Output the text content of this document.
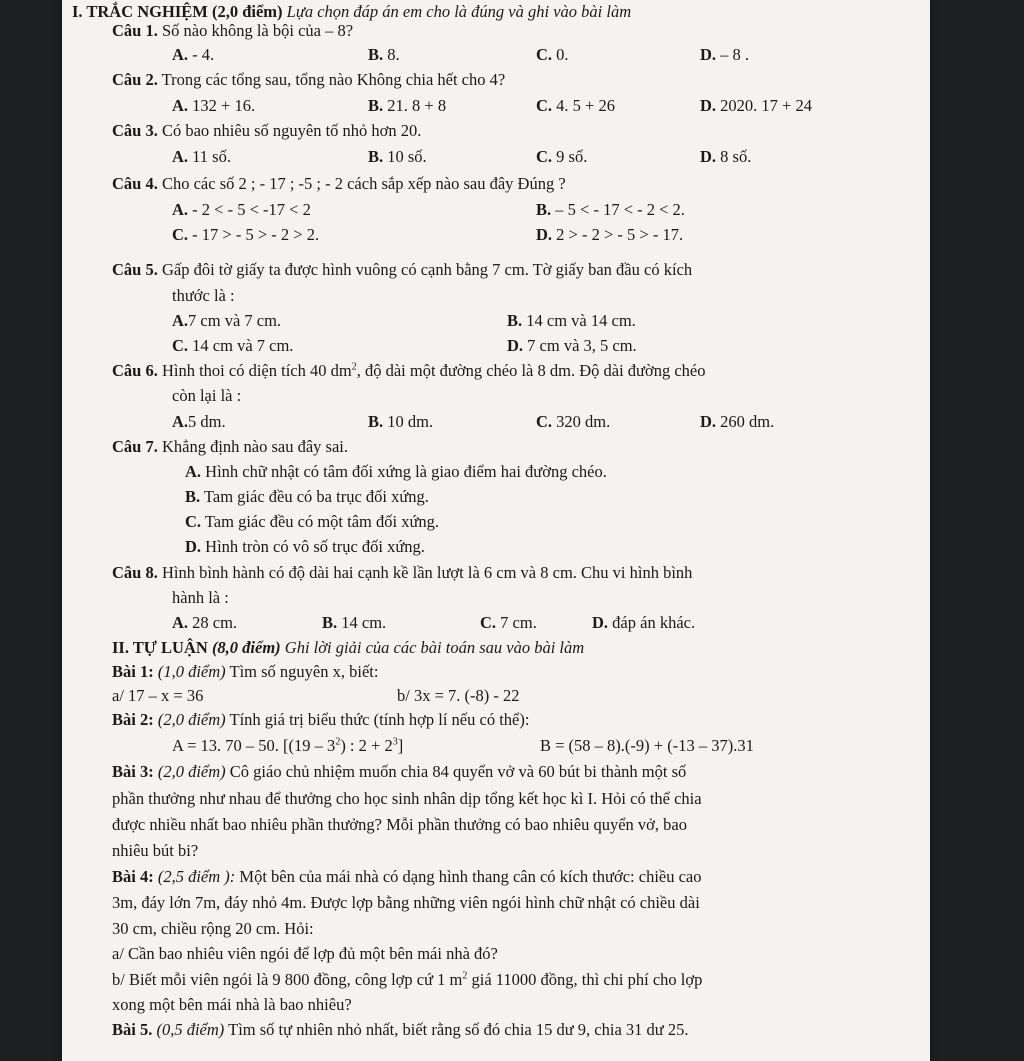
I. TRẮC NGHIỆM (2,0 điểm) Lựa chọn đáp án em cho là đúng và ghi vào bài làm
Câu 1. Số nào không là bội của – 8?
A. - 4.	B. 8.	C. 0.	D. – 8 .
Câu 2. Trong các tổng sau, tổng nào Không chia hết cho 4?
A. 132 + 16.	B. 21. 8 + 8	C. 4. 5 + 26	D. 2020. 17 + 24
Câu 3. Có bao nhiêu số nguyên tố nhỏ hơn 20.
A. 11 số.	B. 10 số.	C. 9 số.	D. 8 số.
Câu 4. Cho các số 2 ; - 17 ; -5 ; - 2 cách sắp xếp nào sau đây Đúng ?
A. - 2 < - 5 < -17 < 2	B. – 5 < - 17 < - 2 < 2.
C. - 17 > - 5 > - 2 > 2.	D. 2 > - 2 > - 5 > - 17.
Câu 5. Gấp đôi tờ giấy ta được hình vuông có cạnh bằng 7 cm. Tờ giấy ban đầu có kích
thước là :
A.7 cm và 7 cm.	B. 14 cm và 14 cm.
C. 14 cm và 7 cm.	D. 7 cm và 3, 5 cm.
Câu 6. Hình thoi có diện tích 40 $dm^2$, độ dài một đường chéo là 8 dm. Độ dài đường chéo
còn lại là :
A.5 dm.	B. 10 dm.	C. 320 dm.	D. 260 dm.
Câu 7. Khẳng định nào sau đây sai.
A. Hình chữ nhật có tâm đối xứng là giao điểm hai đường chéo.
B. Tam giác đều có ba trục đối xứng.
C. Tam giác đều có một tâm đối xứng.
D. Hình tròn có vô số trục đối xứng.
Câu 8. Hình bình hành có độ dài hai cạnh kề lần lượt là 6 cm và 8 cm. Chu vi hình bình
hành là :
A. 28 cm.	B. 14 cm.	C. 7 cm.	D. đáp án khác.
II. TỰ LUẬN (8,0 điểm) Ghi lời giải của các bài toán sau vào bài làm
Bài 1: (1,0 điểm) Tìm số nguyên x, biết:
a/ 17 – x = 36	b/ 3x = 7. (-8) - 22
Bài 2: (2,0 điểm) Tính giá trị biểu thức (tính hợp lí nếu có thể):
A = 13. 70 – 50. [$(19 - 3^2)$ : $2 + 2^3$]	B = (58 – 8).(-9) + (-13 – 37).31
Bài 3: (2,0 điểm) Cô giáo chủ nhiệm muốn chia 84 quyển vở và 60 bút bi thành một số
phần thưởng như nhau để thưởng cho học sinh nhân dịp tổng kết học kì I. Hỏi có thể chia
được nhiều nhất bao nhiêu phần thưởng? Mỗi phần thưởng có bao nhiêu quyển vở, bao
nhiêu bút bi?
Bài 4: (2,5 điểm ): Một bên của mái nhà có dạng hình thang cân có kích thước: chiều cao
3m, đáy lớn 7m, đáy nhỏ 4m. Được lợp bằng những viên ngói hình chữ nhật có chiều dài
30 cm, chiều rộng 20 cm. Hỏi:
a/ Cần bao nhiêu viên ngói để lợp đủ một bên mái nhà đó?
b/ Biết mỗi viên ngói là 9 800 đồng, công lợp cứ 1 $m^2$ giá 11000 đồng, thì chi phí cho lợp
xong một bên mái nhà là bao nhiêu?
Bài 5. (0,5 điểm) Tìm số tự nhiên nhỏ nhất, biết rằng số đó chia 15 dư 9, chia 31 dư 25.
